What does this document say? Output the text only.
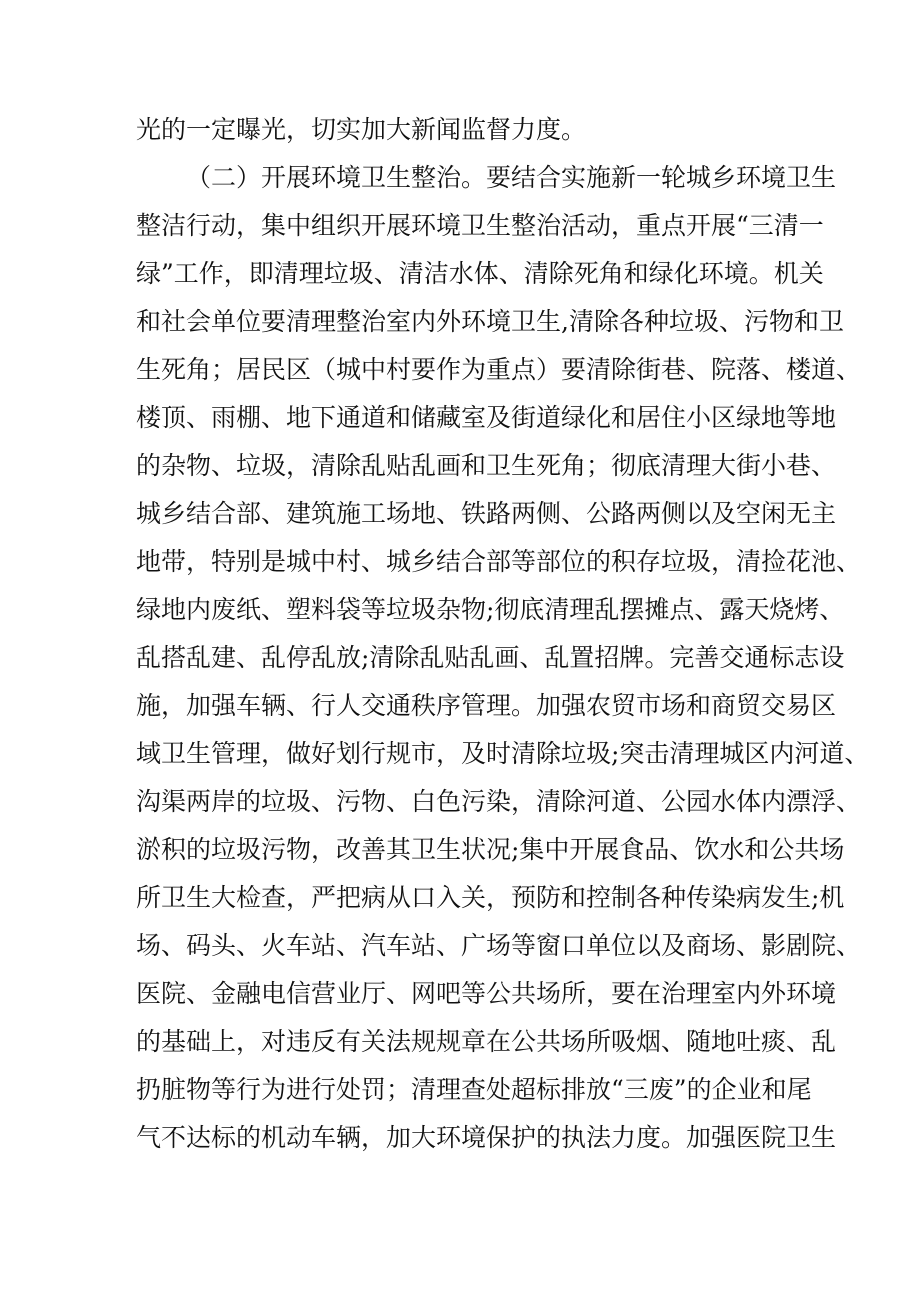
光的一定曝光，切实加大新闻监督力度。
（二）开展环境卫生整治。要结合实施新一轮城乡环境卫生
整洁行动，集中组织开展环境卫生整治活动，重点开展“三清一
绿”工作，即清理垃圾、清洁水体、清除死角和绿化环境。机关
和社会单位要清理整治室内外环境卫生,清除各种垃圾、污物和卫
生死角；居民区（城中村要作为重点）要清除街巷、院落、楼道、
楼顶、雨棚、地下通道和储藏室及街道绿化和居住小区绿地等地
的杂物、垃圾，清除乱贴乱画和卫生死角；彻底清理大街小巷、
城乡结合部、建筑施工场地、铁路两侧、公路两侧以及空闲无主
地带，特别是城中村、城乡结合部等部位的积存垃圾，清捡花池、
绿地内废纸、塑料袋等垃圾杂物;彻底清理乱摆摊点、露天烧烤、
乱搭乱建、乱停乱放;清除乱贴乱画、乱置招牌。完善交通标志设
施，加强车辆、行人交通秩序管理。加强农贸市场和商贸交易区
域卫生管理，做好划行规市，及时清除垃圾;突击清理城区内河道、
沟渠两岸的垃圾、污物、白色污染，清除河道、公园水体内漂浮、
淤积的垃圾污物，改善其卫生状况;集中开展食品、饮水和公共场
所卫生大检查，严把病从口入关，预防和控制各种传染病发生;机
场、码头、火车站、汽车站、广场等窗口单位以及商场、影剧院、
医院、金融电信营业厅、网吧等公共场所，要在治理室内外环境
的基础上，对违反有关法规规章在公共场所吸烟、随地吐痰、乱
扔脏物等行为进行处罚；清理查处超标排放“三废”的企业和尾
气不达标的机动车辆，加大环境保护的执法力度。加强医院卫生
